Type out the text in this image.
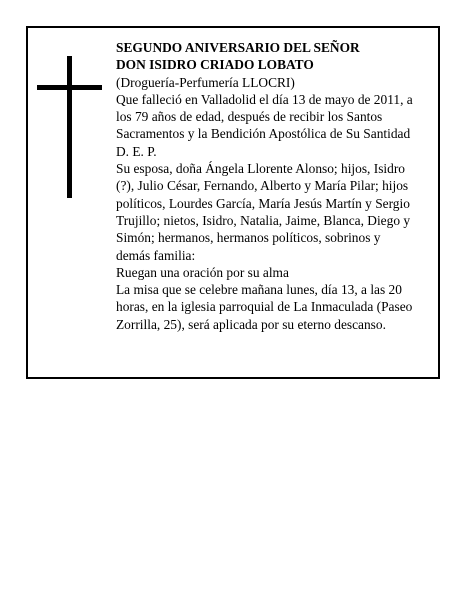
SEGUNDO ANIVERSARIO DEL SEÑOR
DON ISIDRO CRIADO LOBATO
(Droguería-Perfumería LLOCRI)
Que falleció en Valladolid el día 13 de mayo de 2011, a
los 79 años de edad, después de recibir los Santos
Sacramentos y la Bendición Apostólica de Su Santidad
D. E. P.
Su esposa, doña Ángela Llorente Alonso; hijos, Isidro
(?), Julio César, Fernando, Alberto y María Pilar; hijos
políticos, Lourdes García, María Jesús Martín y Sergio
Trujillo; nietos, Isidro, Natalia, Jaime, Blanca, Diego y
Simón; hermanos, hermanos políticos, sobrinos y
demás familia:
Ruegan una oración por su alma
La misa que se celebre mañana lunes, día 13, a las 20
horas, en la iglesia parroquial de La Inmaculada (Paseo
Zorrilla, 25), será aplicada por su eterno descanso.
